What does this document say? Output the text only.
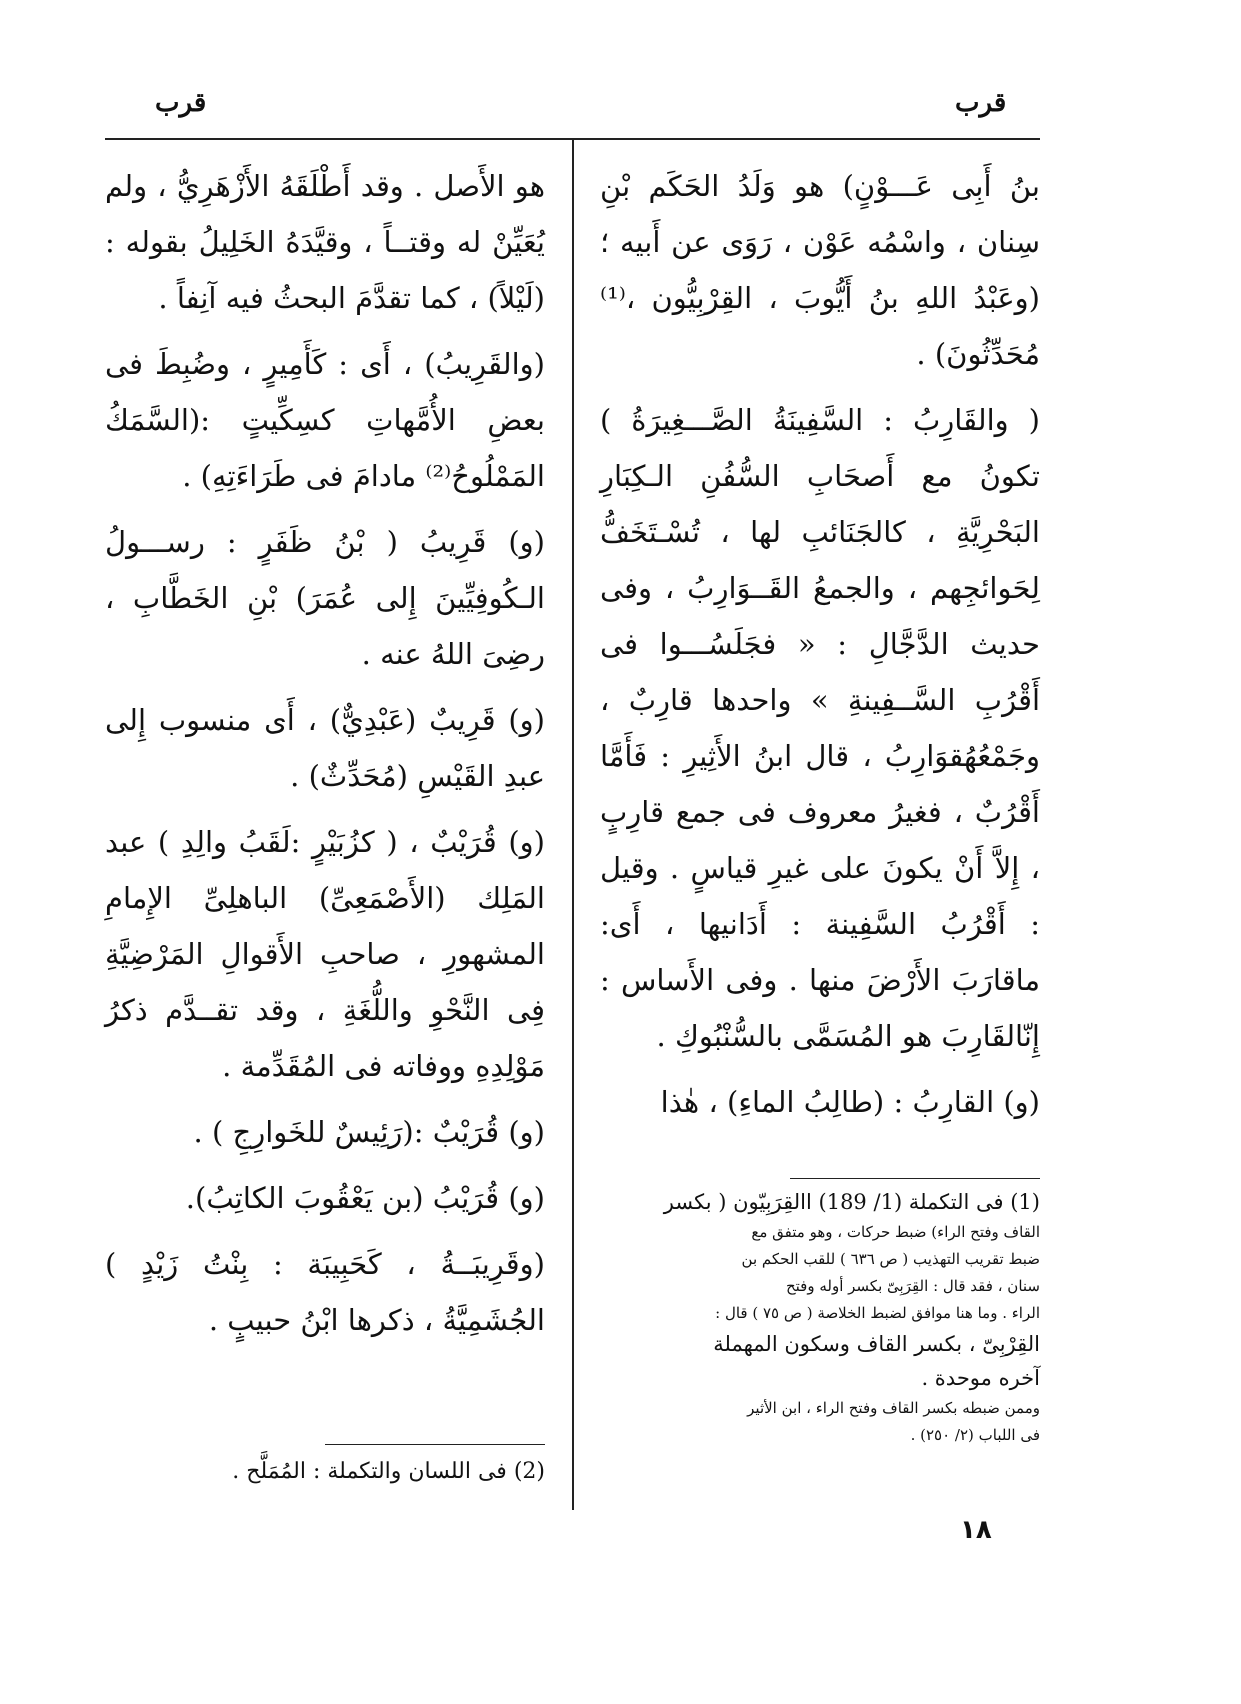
قرب
قرب

بنُ أَبِى عَـــوْنٍ) هو وَلَدُ الحَكَم بْنِ سِنان ، واسْمُه عَوْن ، رَوَى عن أَبيه ؛ (وعَبْدُ اللهِ بنُ أَيُّوبَ ، القِرْبِيُّون ،⁽¹⁾ مُحَدِّثُونَ) .

( والقَارِبُ : السَّفِينَةُ الصَّـــغِيرَةُ ) تكونُ مع أَصحَابِ السُّفُنِ الـكِبَارِ البَحْرِيَّةِ ، كالجَنَائبِ لها ، تُسْـتَخَفُّ لِحَوائجِهم ، والجمعُ القَــوَارِبُ ، وفى حديث الدَّجَّالِ : « فجَلَسُـــوا فى أَقْرُبِ السَّــفِينةِ » واحدها قارِبٌ ، وجَمْعُهُقوَارِبُ ، قال ابنُ الأَثِيرِ : فَأَمَّا أَقْرُبٌ ، فغيرُ معروف فى جمع قارِبٍ ، إِلاَّ أَنْ يكونَ على غيرِ قياسٍ . وقيل : أَقْرُبُ السَّفِينة : أَدَانيها ، أَى: ماقارَبَ الأَرْضَ منها . وفى الأَساس : إِنّالقَارِبَ هو المُسَمَّى بالسُّنْبُوكِ .

(و) القارِبُ : (طالِبُ الماءِ) ، هٰذا

هو الأَصل . وقد أَطْلَقَهُ الأَزْهَرِيُّ ، ولم يُعَيِّنْ له وقتــاً ، وقيَّدَهُ الخَلِيلُ بقوله : (لَيْلاً) ، كما تقدَّمَ البحثُ فيه آنِفاً .

(والقَرِيبُ) ، أَى : كَأَمِيرٍ ، وضُبِطَ فى بعضِ الأُمَّهاتِ كسِكِّيتٍ :(السَّمَكُ المَمْلُوحُ⁽²⁾ مادامَ فى طَرَاءَتِهِ) .

(و) قَرِيبُ ( بْنُ ظَفَرٍ : رســـولُ الـكُوفِيِّينَ إِلى عُمَرَ) بْنِ الخَطَّابِ ، رضِىَ اللهُ عنه .

(و) قَرِيبٌ (عَبْدِيٌّ) ، أَى منسوب إِلى عبدِ القَيْسِ (مُحَدِّثٌ) .

(و) قُرَيْبٌ ، ( كزُبَيْرٍ :لَقَبُ والِدِ ) عبد المَلِك (الأَصْمَعِىِّ) الباهلِىِّ الإِمامِ المشهورِ ، صاحبِ الأَقوالِ المَرْضِيَّةِ فِى النَّحْوِ واللُّغَةِ ، وقد تقــدَّم ذكرُ مَوْلِدِهِ ووفاته فى المُقَدِّمة .

(و) قُرَيْبٌ :(رَئِيسٌ للخَوارِجِ ) .

(و) قُرَيْبُ (بن يَعْقُوبَ الكاتِبُ).

(وقَرِيبَــةُ ، كَحَبِيبَة : بِنْتُ زَيْدٍ ) الجُشَمِيَّةُ ، ذكرها ابْنُ حبيبٍ .

(1) فى التكملة (1/ 189) االقِرَبِيّون ( بكسر
القاف وفتح الراء) ضبط حركات ، وهو متفق مع
ضبط تقريب التهذيب ( ص ٦٣٦ ) للقب الحكم بن
سنان ، فقد قال : القِرَبِىّ بكسر أوله وفتح
الراء . وما هنا موافق لضبط الخلاصة ( ص ٧٥ ) قال :
القِرْبِىّ ، بكسر القاف وسكون المهملة
آخره موحدة .
وممن ضبطه بكسر القاف وفتح الراء ، ابن الأثير
فى اللباب (٢/ ٢٥٠) .
(2) فى اللسان والتكملة : المُمَلَّح .
١٨
